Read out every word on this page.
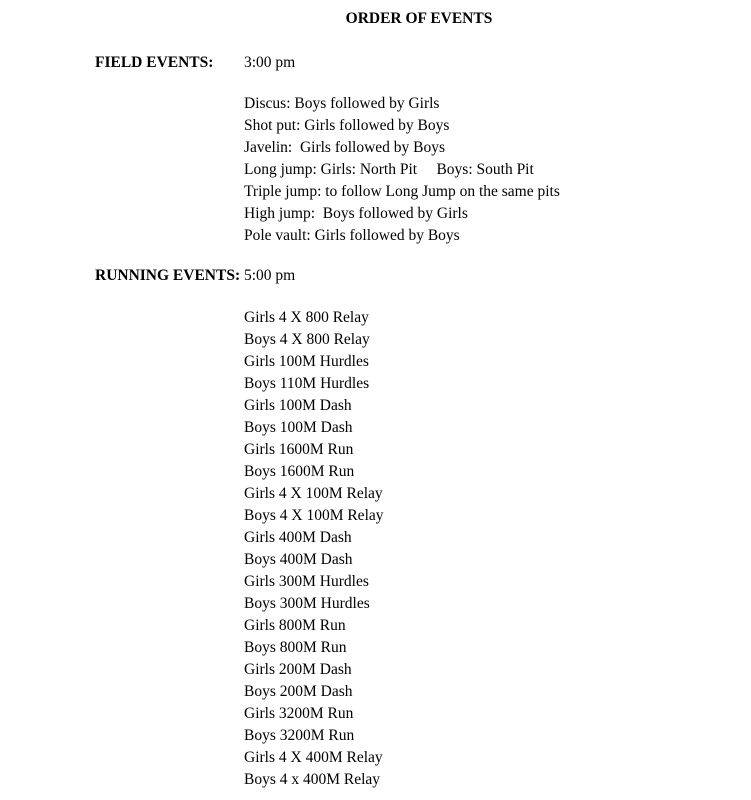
ORDER OF EVENTS
FIELD EVENTS: 3:00 pm
Discus: Boys followed by Girls
Shot put: Girls followed by Boys
Javelin:  Girls followed by Boys
Long jump: Girls: North Pit     Boys: South Pit
Triple jump: to follow Long Jump on the same pits
High jump:  Boys followed by Girls
Pole vault: Girls followed by Boys
RUNNING EVENTS: 5:00 pm
Girls 4 X 800 Relay
Boys 4 X 800 Relay
Girls 100M Hurdles
Boys 110M Hurdles
Girls 100M Dash
Boys 100M Dash
Girls 1600M Run
Boys 1600M Run
Girls 4 X 100M Relay
Boys 4 X 100M Relay
Girls 400M Dash
Boys 400M Dash
Girls 300M Hurdles
Boys 300M Hurdles
Girls 800M Run
Boys 800M Run
Girls 200M Dash
Boys 200M Dash
Girls 3200M Run
Boys 3200M Run
Girls 4 X 400M Relay
Boys 4 x 400M Relay
